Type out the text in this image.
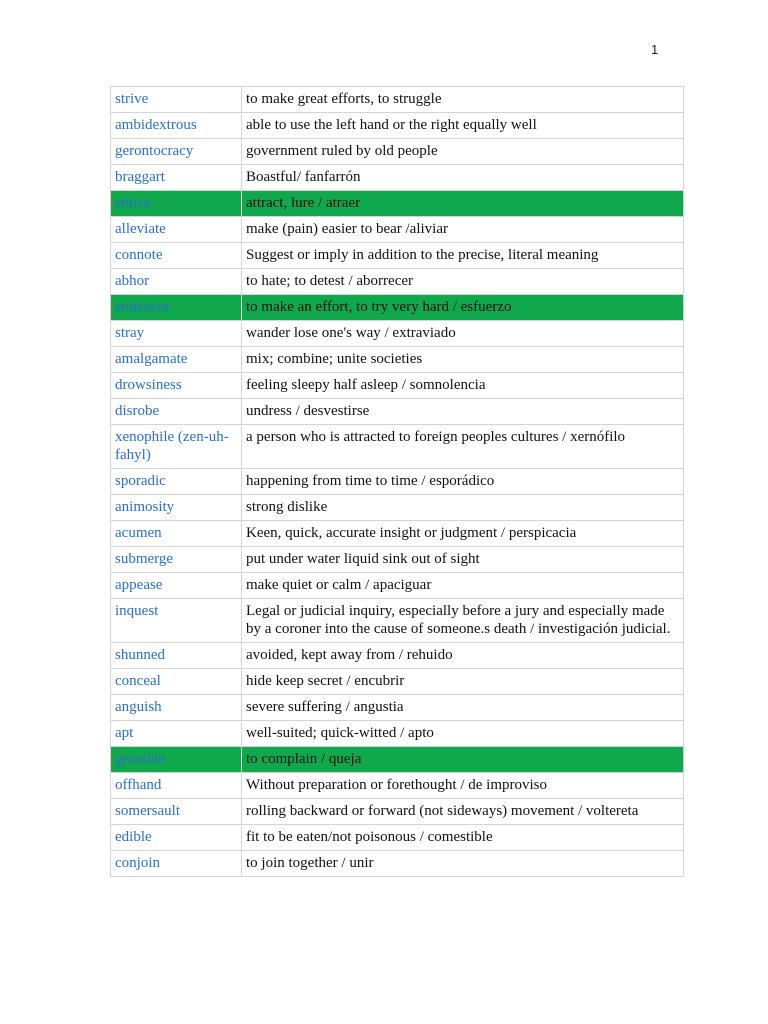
1
strive	to make great efforts, to struggle
ambidextrous	able to use the left hand or the right equally well
gerontocracy	government ruled by old people
braggart	Boastful/ fanfarrón
entice	attract, lure / atraer
alleviate	make (pain) easier to bear /aliviar
connote	Suggest or imply in addition to the precise, literal meaning
abhor	to hate; to detest / aborrecer
endeavor	to make an effort, to try very hard / esfuerzo
stray	wander lose one's way / extraviado
amalgamate	mix; combine; unite societies
drowsiness	feeling sleepy half asleep / somnolencia
disrobe	undress / desvestirse
xenophile (zen-uh-fahyl)	a person who is attracted to foreign peoples cultures / xernófilo
sporadic	happening from time to time / esporádico
animosity	strong dislike
acumen	Keen, quick, accurate insight or judgment / perspicacia
submerge	put under water liquid sink out of sight
appease	make quiet or calm / apaciguar
inquest	Legal or judicial inquiry, especially before a jury and especially made by a coroner into the cause of someone.s death / investigación judicial.
shunned	avoided, kept away from / rehuido
conceal	hide keep secret / encubrir
anguish	severe suffering / angustia
apt	well-suited; quick-witted / apto
grumble	to complain / queja
offhand	Without preparation or forethought / de improviso
somersault	rolling backward or forward (not sideways) movement / voltereta
edible	fit to be eaten/not poisonous / comestible
conjoin	to join together / unir
